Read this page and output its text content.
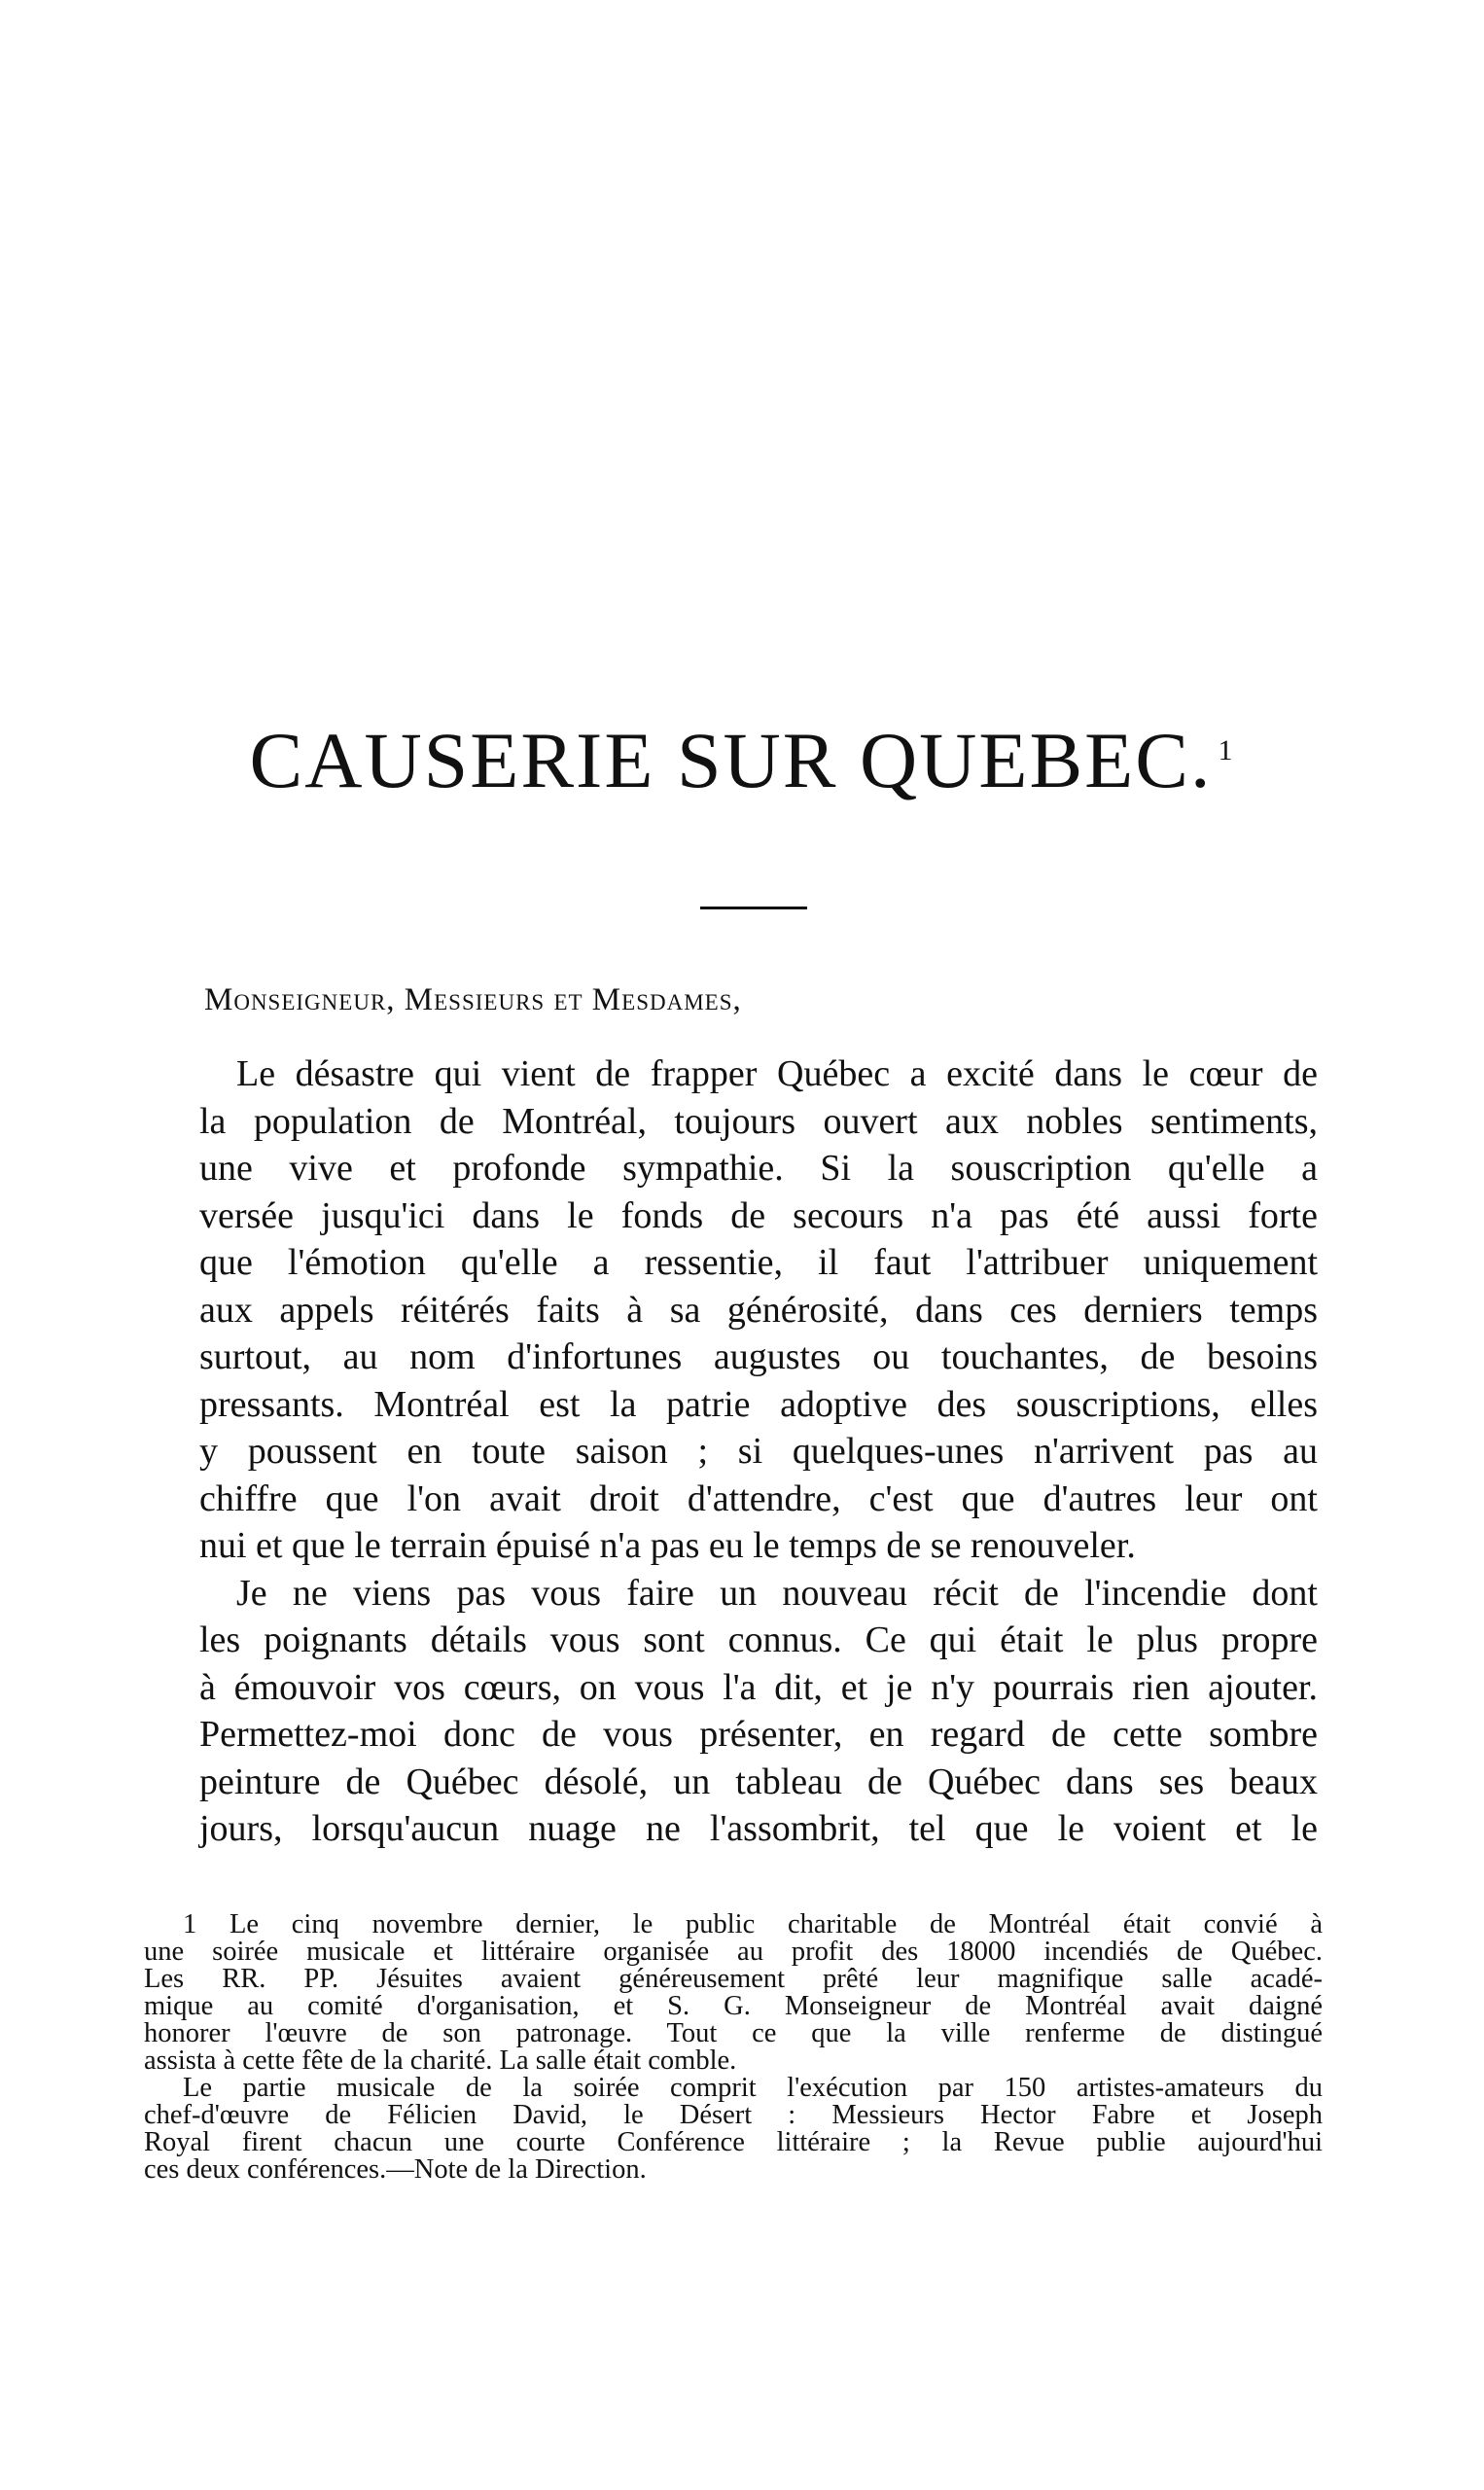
CAUSERIE SUR QUEBEC. $^1$
Monseigneur, Messieurs et Mesdames,
Le désastre qui vient de frapper Québec a excité dans le cœur de
la population de Montréal, toujours ouvert aux nobles sentiments,
une vive et profonde sympathie. Si la souscription qu'elle a
versée jusqu'ici dans le fonds de secours n'a pas été aussi forte
que l'émotion qu'elle a ressentie, il faut l'attribuer uniquement
aux appels réitérés faits à sa générosité, dans ces derniers temps
surtout, au nom d'infortunes augustes ou touchantes, de besoins
pressants. Montréal est la patrie adoptive des souscriptions, elles
y poussent en toute saison ; si quelques-unes n'arrivent pas au
chiffre que l'on avait droit d'attendre, c'est que d'autres leur ont
nui et que le terrain épuisé n'a pas eu le temps de se renouveler.
Je ne viens pas vous faire un nouveau récit de l'incendie dont
les poignants détails vous sont connus. Ce qui était le plus propre
à émouvoir vos cœurs, on vous l'a dit, et je n'y pourrais rien ajouter.
Permettez-moi donc de vous présenter, en regard de cette sombre
peinture de Québec désolé, un tableau de Québec dans ses beaux
jours, lorsqu'aucun nuage ne l'assombrit, tel que le voient et le
1 Le cinq novembre dernier, le public charitable de Montréal était convié à
une soirée musicale et littéraire organisée au profit des 18000 incendiés de Québec.
Les RR. PP. Jésuites avaient généreusement prêté leur magnifique salle acadé-
mique au comité d'organisation, et S. G. Monseigneur de Montréal avait daigné
honorer l'œuvre de son patronage. Tout ce que la ville renferme de distingué
assista à cette fête de la charité. La salle était comble.
Le partie musicale de la soirée comprit l'exécution par 150 artistes-amateurs du
chef-d'œuvre de Félicien David, le Désert : Messieurs Hector Fabre et Joseph
Royal firent chacun une courte Conférence littéraire ; la Revue publie aujourd'hui
ces deux conférences.—Note de la Direction.
